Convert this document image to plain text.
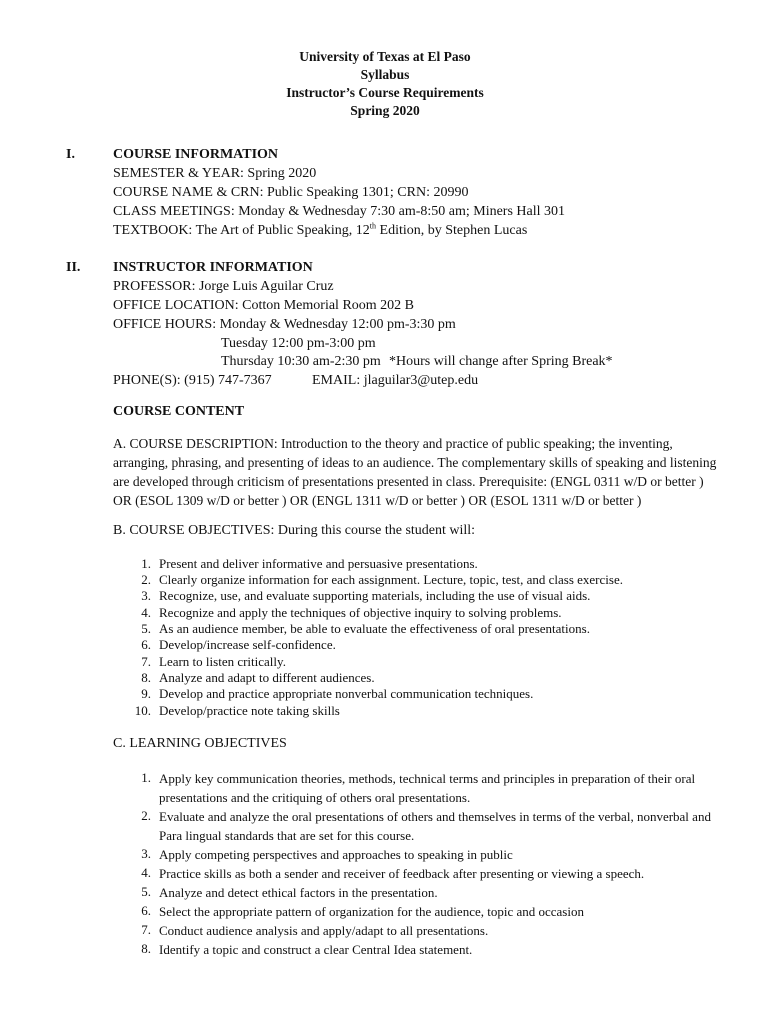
University of Texas at El Paso
Syllabus
Instructor’s Course Requirements
Spring 2020
I.	COURSE INFORMATION
SEMESTER & YEAR: Spring 2020
COURSE NAME & CRN: Public Speaking 1301; CRN: 20990
CLASS MEETINGS: Monday & Wednesday 7:30 am-8:50 am; Miners Hall 301
TEXTBOOK: The Art of Public Speaking, 12th Edition, by Stephen Lucas
II. INSTRUCTOR INFORMATION
PROFESSOR: Jorge Luis Aguilar Cruz
OFFICE LOCATION: Cotton Memorial Room 202 B
OFFICE HOURS: Monday & Wednesday 12:00 pm-3:30 pm
Tuesday 12:00 pm-3:00 pm
Thursday 10:30 am-2:30 pm *Hours will change after Spring Break*
PHONE(S): (915) 747-7367	EMAIL: jlaguilar3@utep.edu
COURSE CONTENT
A. COURSE DESCRIPTION: Introduction to the theory and practice of public speaking; the inventing, arranging, phrasing, and presenting of ideas to an audience. The complementary skills of speaking and listening are developed through criticism of presentations presented in class. Prerequisite: (ENGL 0311 w/D or better ) OR (ESOL 1309 w/D or better ) OR (ENGL 1311 w/D or better ) OR (ESOL 1311 w/D or better )
B. COURSE OBJECTIVES: During this course the student will:
1. Present and deliver informative and persuasive presentations.
2. Clearly organize information for each assignment. Lecture, topic, test, and class exercise.
3. Recognize, use, and evaluate supporting materials, including the use of visual aids.
4. Recognize and apply the techniques of objective inquiry to solving problems.
5. As an audience member, be able to evaluate the effectiveness of oral presentations.
6. Develop/increase self-confidence.
7. Learn to listen critically.
8. Analyze and adapt to different audiences.
9. Develop and practice appropriate nonverbal communication techniques.
10. Develop/practice note taking skills
C. LEARNING OBJECTIVES
1. Apply key communication theories, methods, technical terms and principles in preparation of their oral presentations and the critiquing of others oral presentations.
2. Evaluate and analyze the oral presentations of others and themselves in terms of the verbal, nonverbal and Para lingual standards that are set for this course.
3. Apply competing perspectives and approaches to speaking in public
4. Practice skills as both a sender and receiver of feedback after presenting or viewing a speech.
5. Analyze and detect ethical factors in the presentation.
6. Select the appropriate pattern of organization for the audience, topic and occasion
7. Conduct audience analysis and apply/adapt to all presentations.
8. Identify a topic and construct a clear Central Idea statement.
